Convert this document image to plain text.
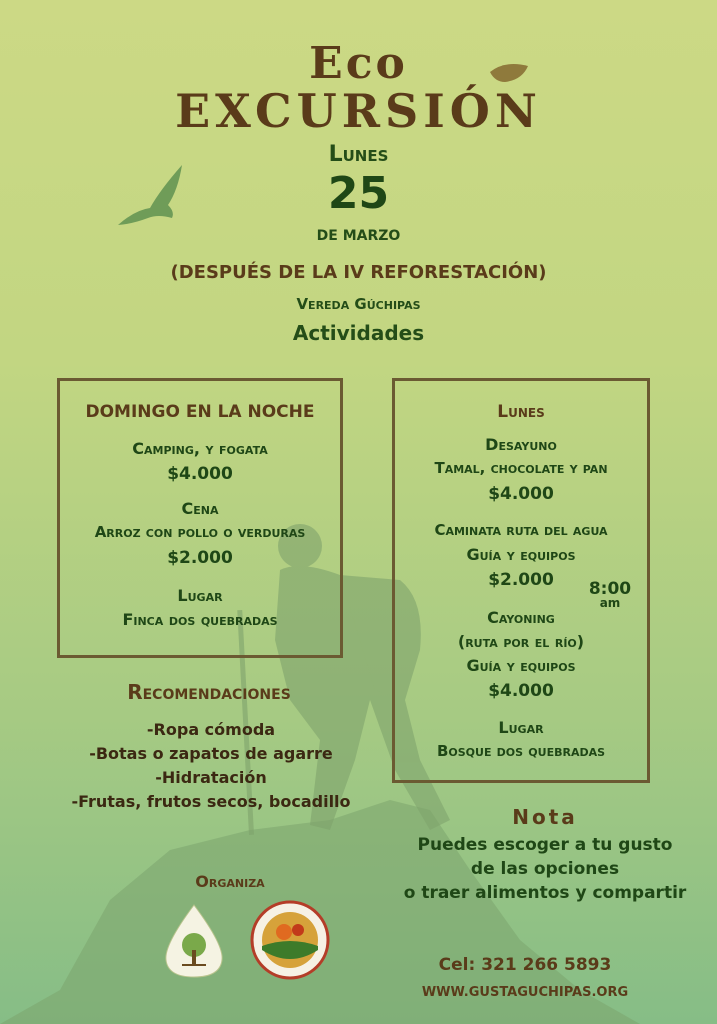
Eco
EXCURSIÓN
Lunes
25
DE MARZO
(DESPUÉS DE LA IV REFORESTACIÓN)
Vereda Gúchipas
Actividades
DOMINGO EN LA NOCHE
Camping, y fogata
$4.000
Cena
Arroz con pollo o verduras
$2.000
Lugar
Finca dos quebradas
Lunes
Desayuno
Tamal, chocolate y pan
$4.000
Caminata ruta del agua
Guía y equipos
$2.000
Cayoning
(ruta por el río)
Guía y equipos
$4.000
Lugar
Bosque dos quebradas
8:00
am
Recomendaciones
-Ropa cómoda
-Botas o zapatos de agarre
-Hidratación
-Frutas, frutos secos, bocadillo
Nota
Puedes escoger a tu gusto
de las opciones
o traer alimentos y compartir
Organiza
Cel: 321 266 5893
WWW.GUSTAGUCHIPAS.ORG
